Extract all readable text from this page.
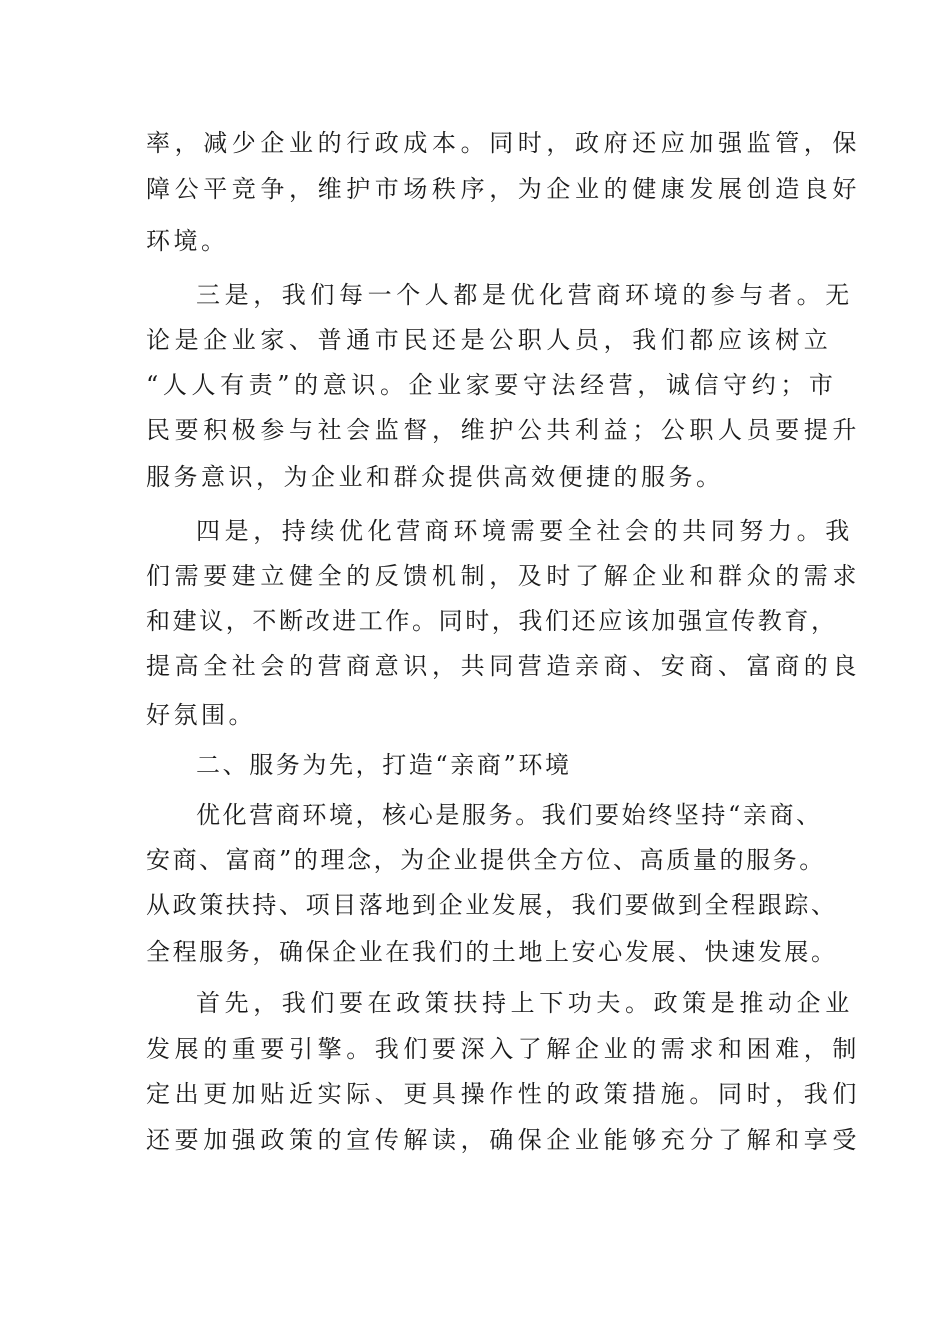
率，减少企业的行政成本。同时，政府还应加强监管，保
障公平竞争，维护市场秩序，为企业的健康发展创造良好
环境。
三是，我们每一个人都是优化营商环境的参与者。无
论是企业家、普通市民还是公职人员，我们都应该树立
“人人有责”的意识。企业家要守法经营，诚信守约；市
民要积极参与社会监督，维护公共利益；公职人员要提升
服务意识，为企业和群众提供高效便捷的服务。
四是，持续优化营商环境需要全社会的共同努力。我
们需要建立健全的反馈机制，及时了解企业和群众的需求
和建议，不断改进工作。同时，我们还应该加强宣传教育，
提高全社会的营商意识，共同营造亲商、安商、富商的良
好氛围。
二、服务为先，打造“亲商”环境
优化营商环境，核心是服务。我们要始终坚持“亲商、
安商、富商”的理念，为企业提供全方位、高质量的服务。
从政策扶持、项目落地到企业发展，我们要做到全程跟踪、
全程服务，确保企业在我们的土地上安心发展、快速发展。
首先，我们要在政策扶持上下功夫。政策是推动企业
发展的重要引擎。我们要深入了解企业的需求和困难，制
定出更加贴近实际、更具操作性的政策措施。同时，我们
还要加强政策的宣传解读，确保企业能够充分了解和享受
